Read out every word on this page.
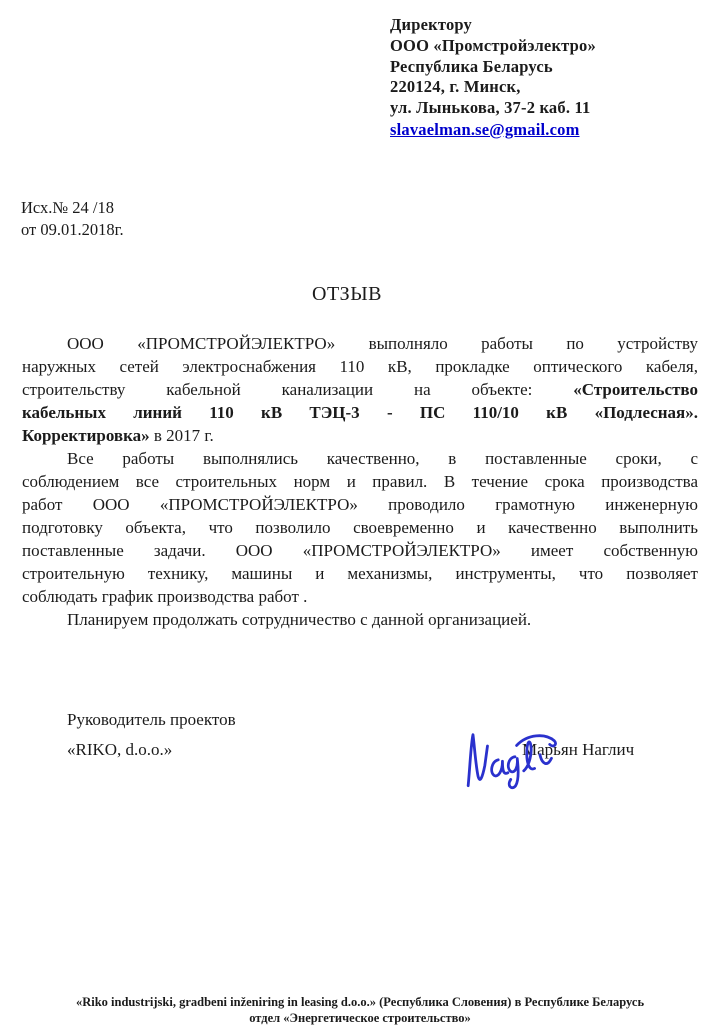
Директору
ООО «Промстройэлектро»
Республика Беларусь
220124, г. Минск,
ул. Лынькова, 37-2 каб. 11
slavaelman.se@gmail.com
Исх.№ 24 /18
от 09.01.2018г.
ОТЗЫВ
ООО «ПРОМСТРОЙЭЛЕКТРО» выполняло работы по устройству
наружных сетей электроснабжения 110 кВ, прокладке оптического кабеля,
строительству кабельной канализации на объекте: «Строительство
кабельных линий 110 кВ ТЭЦ-3 - ПС 110/10 кВ «Подлесная».
Корректировка» в 2017 г.
Все работы выполнялись качественно, в поставленные сроки, с
соблюдением все строительных норм и правил. В течение срока производства
работ ООО «ПРОМСТРОЙЭЛЕКТРО» проводило грамотную инженерную
подготовку объекта, что позволило своевременно и качественно выполнить
поставленные задачи. ООО «ПРОМСТРОЙЭЛЕКТРО» имеет собственную
строительную технику, машины и механизмы, инструменты, что позволяет
соблюдать график производства работ .
Планируем продолжать сотрудничество с данной организацией.
Руководитель проектов
«RIKO, d.o.o.»	Марьян Наглич
«Riko industrijski, gradbeni inženiring in leasing d.o.o.» (Республика Словения) в Республике Беларусь
отдел «Энергетическое строительство»
